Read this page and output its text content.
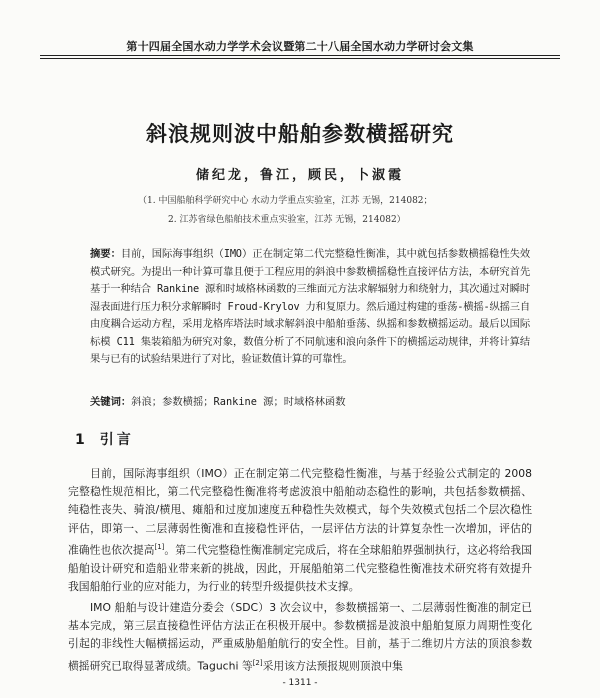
第十四届全国水动力学学术会议暨第二十八届全国水动力学研讨会文集
斜浪规则波中船舶参数横摇研究
储纪龙，鲁江，顾民，卜淑霞
（1. 中国船舶科学研究中心 水动力学重点实验室，江苏 无锡，214082；
2. 江苏省绿色船舶技术重点实验室，江苏 无锡，214082）
摘要：目前，国际海事组织（IMO）正在制定第二代完整稳性衡准，其中就包括参数横摇稳性失效模式研究。为提出一种计算可靠且便于工程应用的斜浪中参数横摇稳性直接评估方法，本研究首先基于一种结合 Rankine 源和时域格林函数的三维面元方法求解辐射力和绕射力，其次通过对瞬时湿表面进行压力积分求解瞬时 Froud-Krylov 力和复原力。然后通过构建的垂荡-横摇-纵摇三自由度耦合运动方程，采用龙格库塔法时域求解斜浪中船舶垂荡、纵摇和参数横摇运动。最后以国际标模 C11 集装箱船为研究对象，数值分析了不同航速和浪向条件下的横摇运动规律，并将计算结果与已有的试验结果进行了对比，验证数值计算的可靠性。
关键词：斜浪；参数横摇；Rankine 源；时域格林函数
1 引言

目前，国际海事组织（IMO）正在制定第二代完整稳性衡准，与基于经验公式制定的 2008 完整稳性规范相比，第二代完整稳性衡准将考虑波浪中船舶动态稳性的影响，共包括参数横摇、纯稳性丧失、骑浪/横甩、瘫船和过度加速度五种稳性失效模式，每个失效模式包括二个层次稳性评估，即第一、二层薄弱性衡准和直接稳性评估，一层评估方法的计算复杂性一次增加，评估的准确性也依次提高[1]。第二代完整稳性衡准制定完成后，将在全球船舶界强制执行，这必将给我国船舶设计研究和造船业带来新的挑战，因此，开展船舶第二代完整稳性衡准技术研究将有效提升我国船舶行业的应对能力，为行业的转型升级提供技术支撑。

IMO 船舶与设计建造分委会（SDC）3 次会议中，参数横摇第一、二层薄弱性衡准的制定已基本完成，第三层直接稳性评估方法正在积极开展中。参数横摇是波浪中船舶复原力周期性变化引起的非线性大幅横摇运动，严重威胁船舶航行的安全性。目前，基于二维切片方法的顶浪参数横摇研究已取得显著成绩。Taguchi 等[2]采用该方法预报规则顶浪中集

- 1311 -
